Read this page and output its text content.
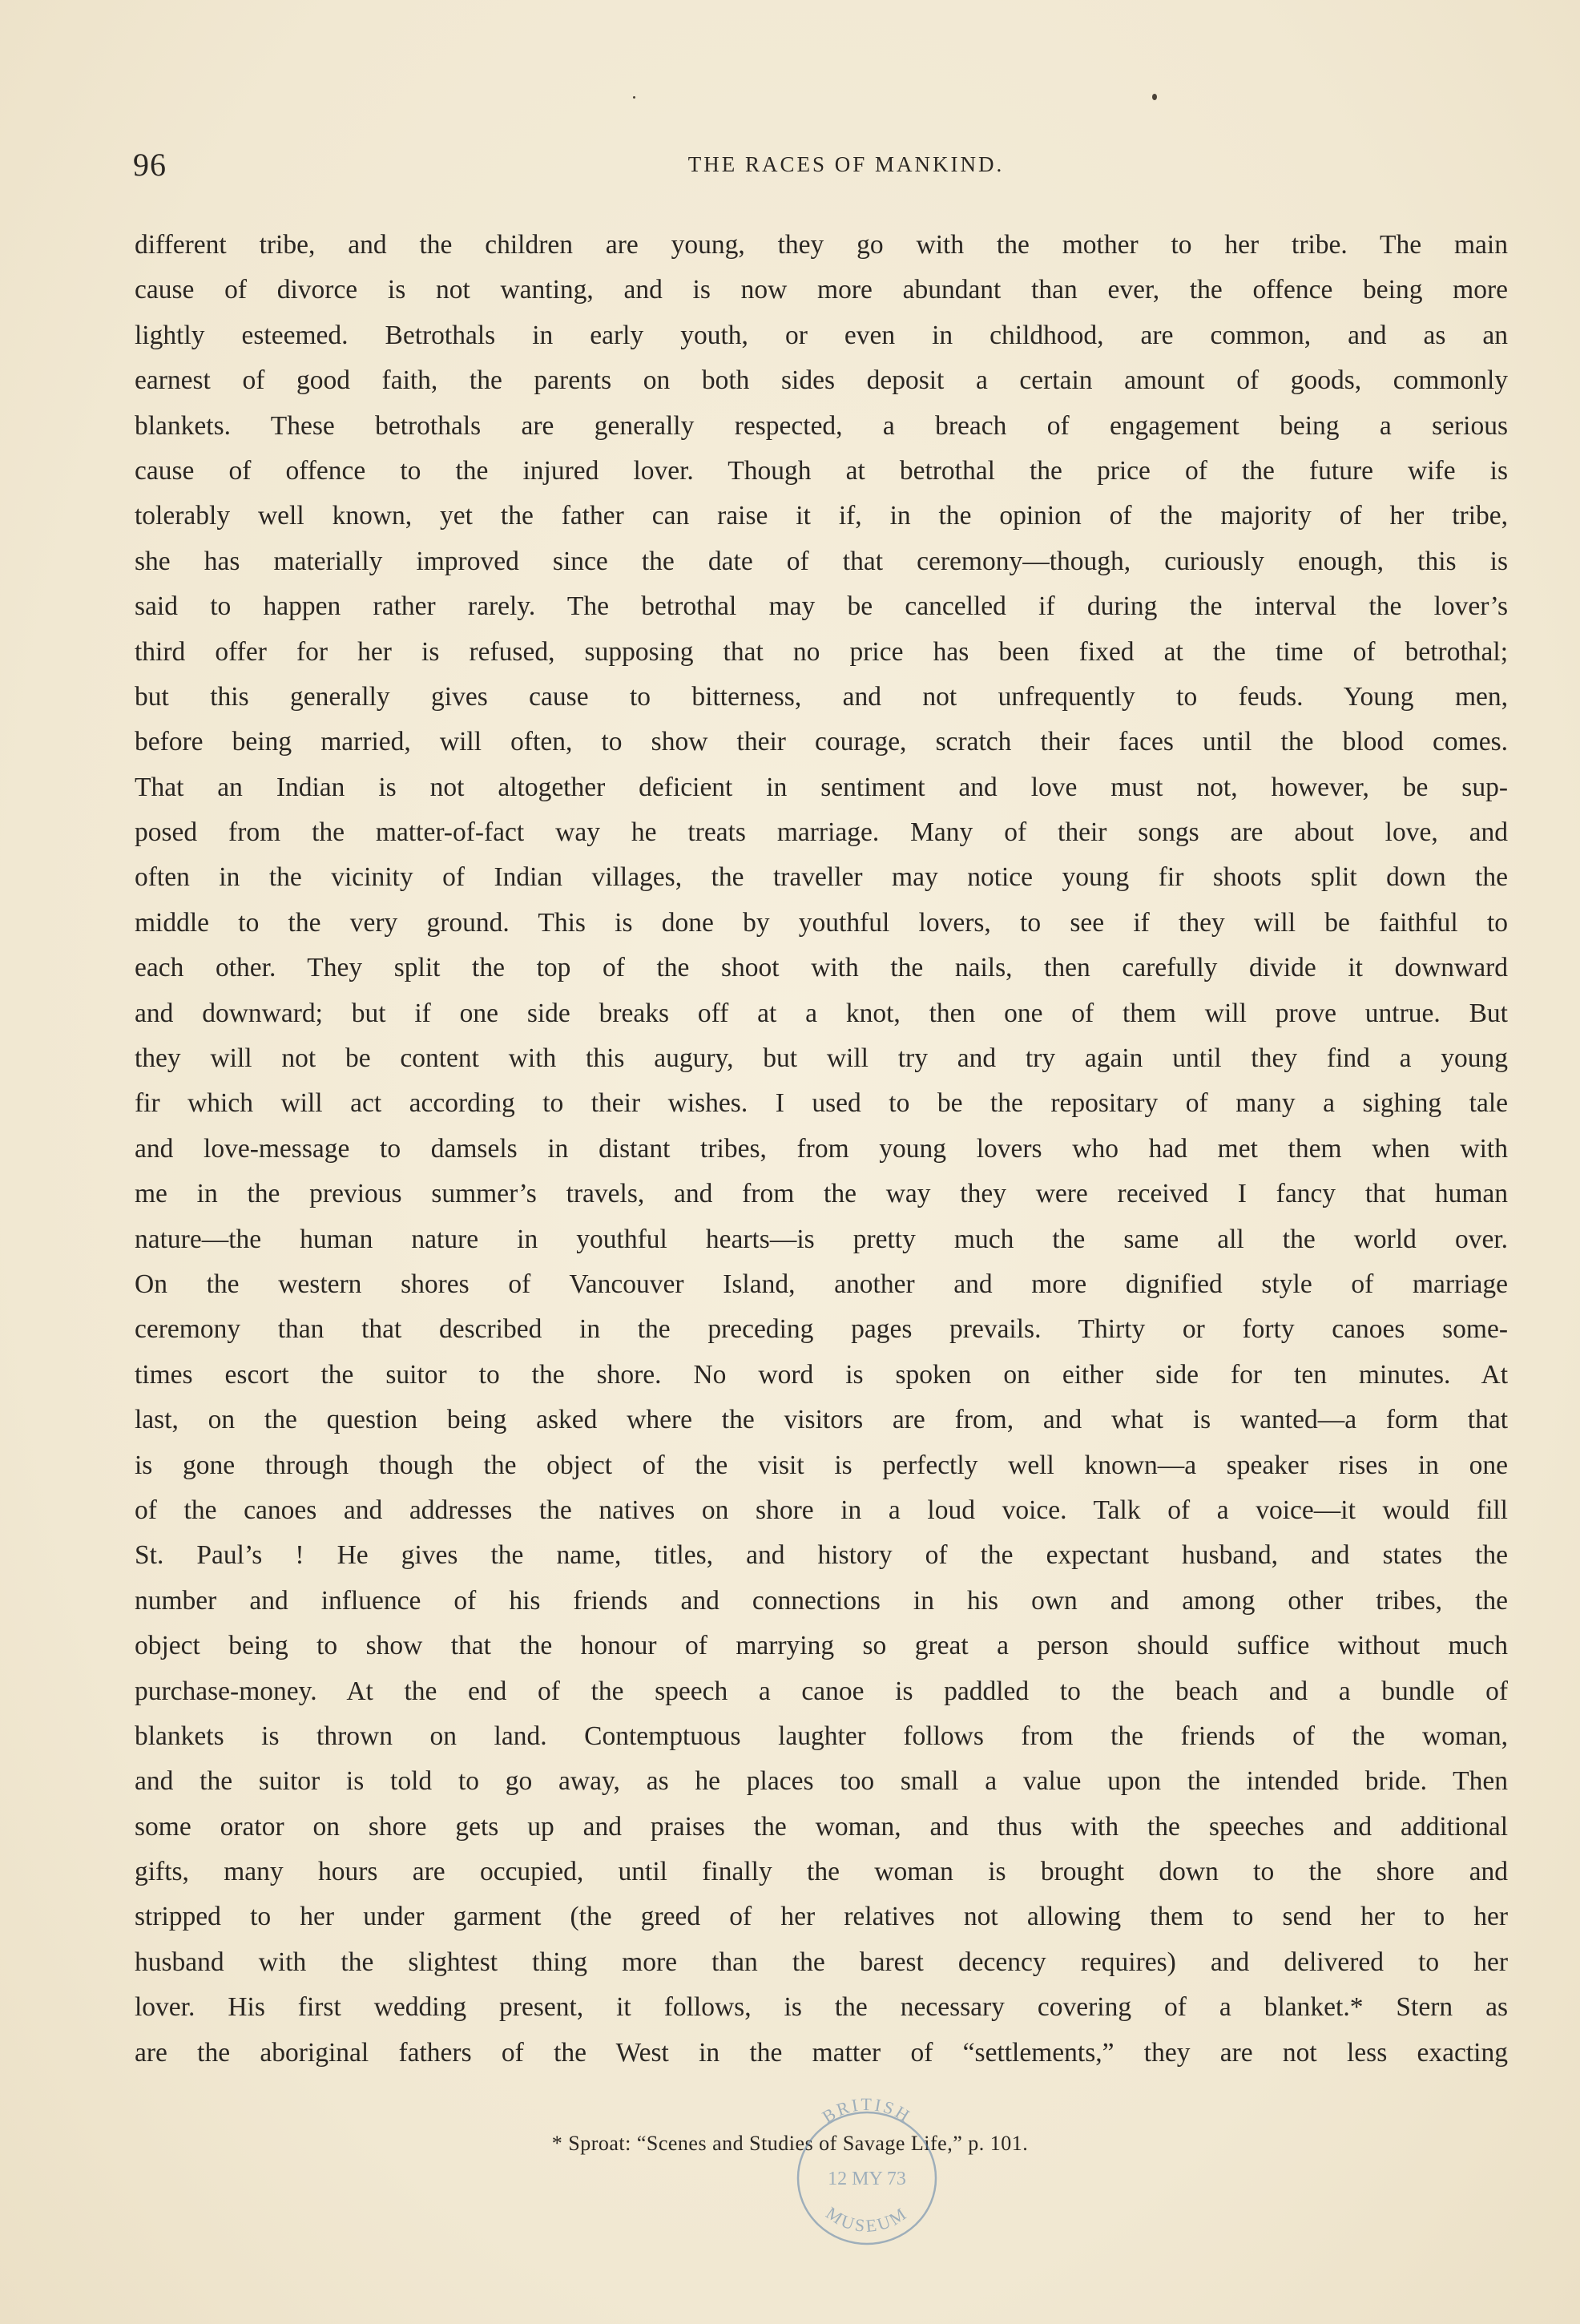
96	THE RACES OF MANKIND.
different tribe, and the children are young, they go with the mother to her tribe. The main
cause of divorce is not wanting, and is now more abundant than ever, the offence being more
lightly esteemed. Betrothals in early youth, or even in childhood, are common, and as an
earnest of good faith, the parents on both sides deposit a certain amount of goods, commonly
blankets. These betrothals are generally respected, a breach of engagement being a serious
cause of offence to the injured lover. Though at betrothal the price of the future wife is
tolerably well known, yet the father can raise it if, in the opinion of the majority of her tribe,
she has materially improved since the date of that ceremony—though, curiously enough, this is
said to happen rather rarely. The betrothal may be cancelled if during the interval the lover’s
third offer for her is refused, supposing that no price has been fixed at the time of betrothal;
but this generally gives cause to bitterness, and not unfrequently to feuds. Young men,
before being married, will often, to show their courage, scratch their faces until the blood comes.
That an Indian is not altogether deficient in sentiment and love must not, however, be sup-
posed from the matter-of-fact way he treats marriage. Many of their songs are about love, and
often in the vicinity of Indian villages, the traveller may notice young fir shoots split down the
middle to the very ground. This is done by youthful lovers, to see if they will be faithful to
each other. They split the top of the shoot with the nails, then carefully divide it downward
and downward; but if one side breaks off at a knot, then one of them will prove untrue. But
they will not be content with this augury, but will try and try again until they find a young
fir which will act according to their wishes. I used to be the repositary of many a sighing tale
and love-message to damsels in distant tribes, from young lovers who had met them when with
me in the previous summer’s travels, and from the way they were received I fancy that human
nature—the human nature in youthful hearts—is pretty much the same all the world over.
On the western shores of Vancouver Island, another and more dignified style of marriage
ceremony than that described in the preceding pages prevails. Thirty or forty canoes some-
times escort the suitor to the shore. No word is spoken on either side for ten minutes. At
last, on the question being asked where the visitors are from, and what is wanted—a form that
is gone through though the object of the visit is perfectly well known—a speaker rises in one
of the canoes and addresses the natives on shore in a loud voice. Talk of a voice—it would fill
St. Paul’s ! He gives the name, titles, and history of the expectant husband, and states the
number and influence of his friends and connections in his own and among other tribes, the
object being to show that the honour of marrying so great a person should suffice without much
purchase-money. At the end of the speech a canoe is paddled to the beach and a bundle of
blankets is thrown on land. Contemptuous laughter follows from the friends of the woman,
and the suitor is told to go away, as he places too small a value upon the intended bride. Then
some orator on shore gets up and praises the woman, and thus with the speeches and additional
gifts, many hours are occupied, until finally the woman is brought down to the shore and
stripped to her under garment (the greed of her relatives not allowing them to send her to her
husband with the slightest thing more than the barest decency requires) and delivered to her
lover. His first wedding present, it follows, is the necessary covering of a blanket.* Stern as
are the aboriginal fathers of the West in the matter of “settlements,” they are not less exacting
* Sproat: “Scenes and Studies of Savage Life,” p. 101.
BRITISH
12 MY 73
MUSEUM
